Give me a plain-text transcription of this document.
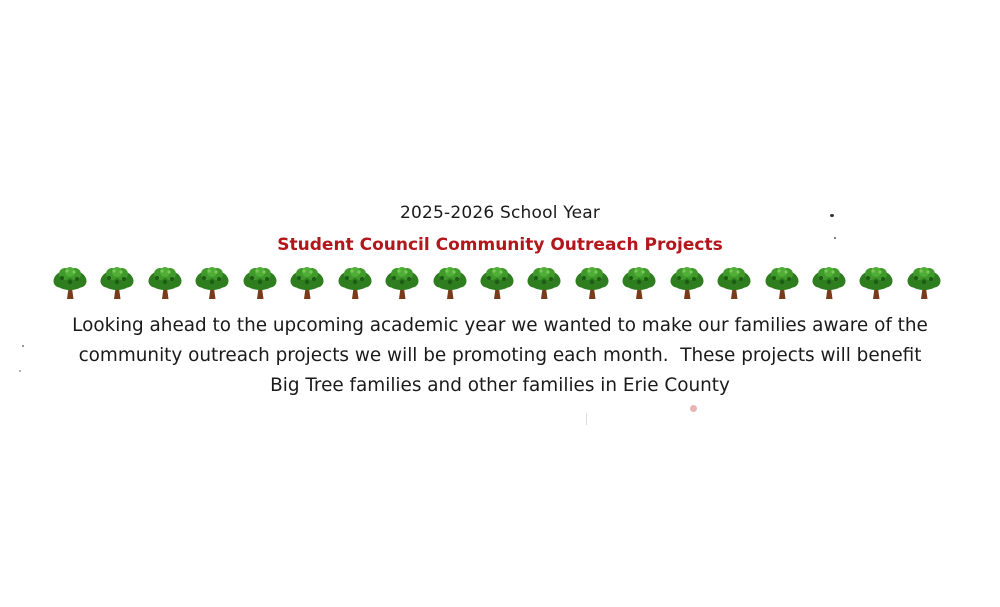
2025-2026 School Year
Student Council Community Outreach Projects
Looking ahead to the upcoming academic year we wanted to make our families aware of the
community outreach projects we will be promoting each month.  These projects will benefit
Big Tree families and other families in Erie County
